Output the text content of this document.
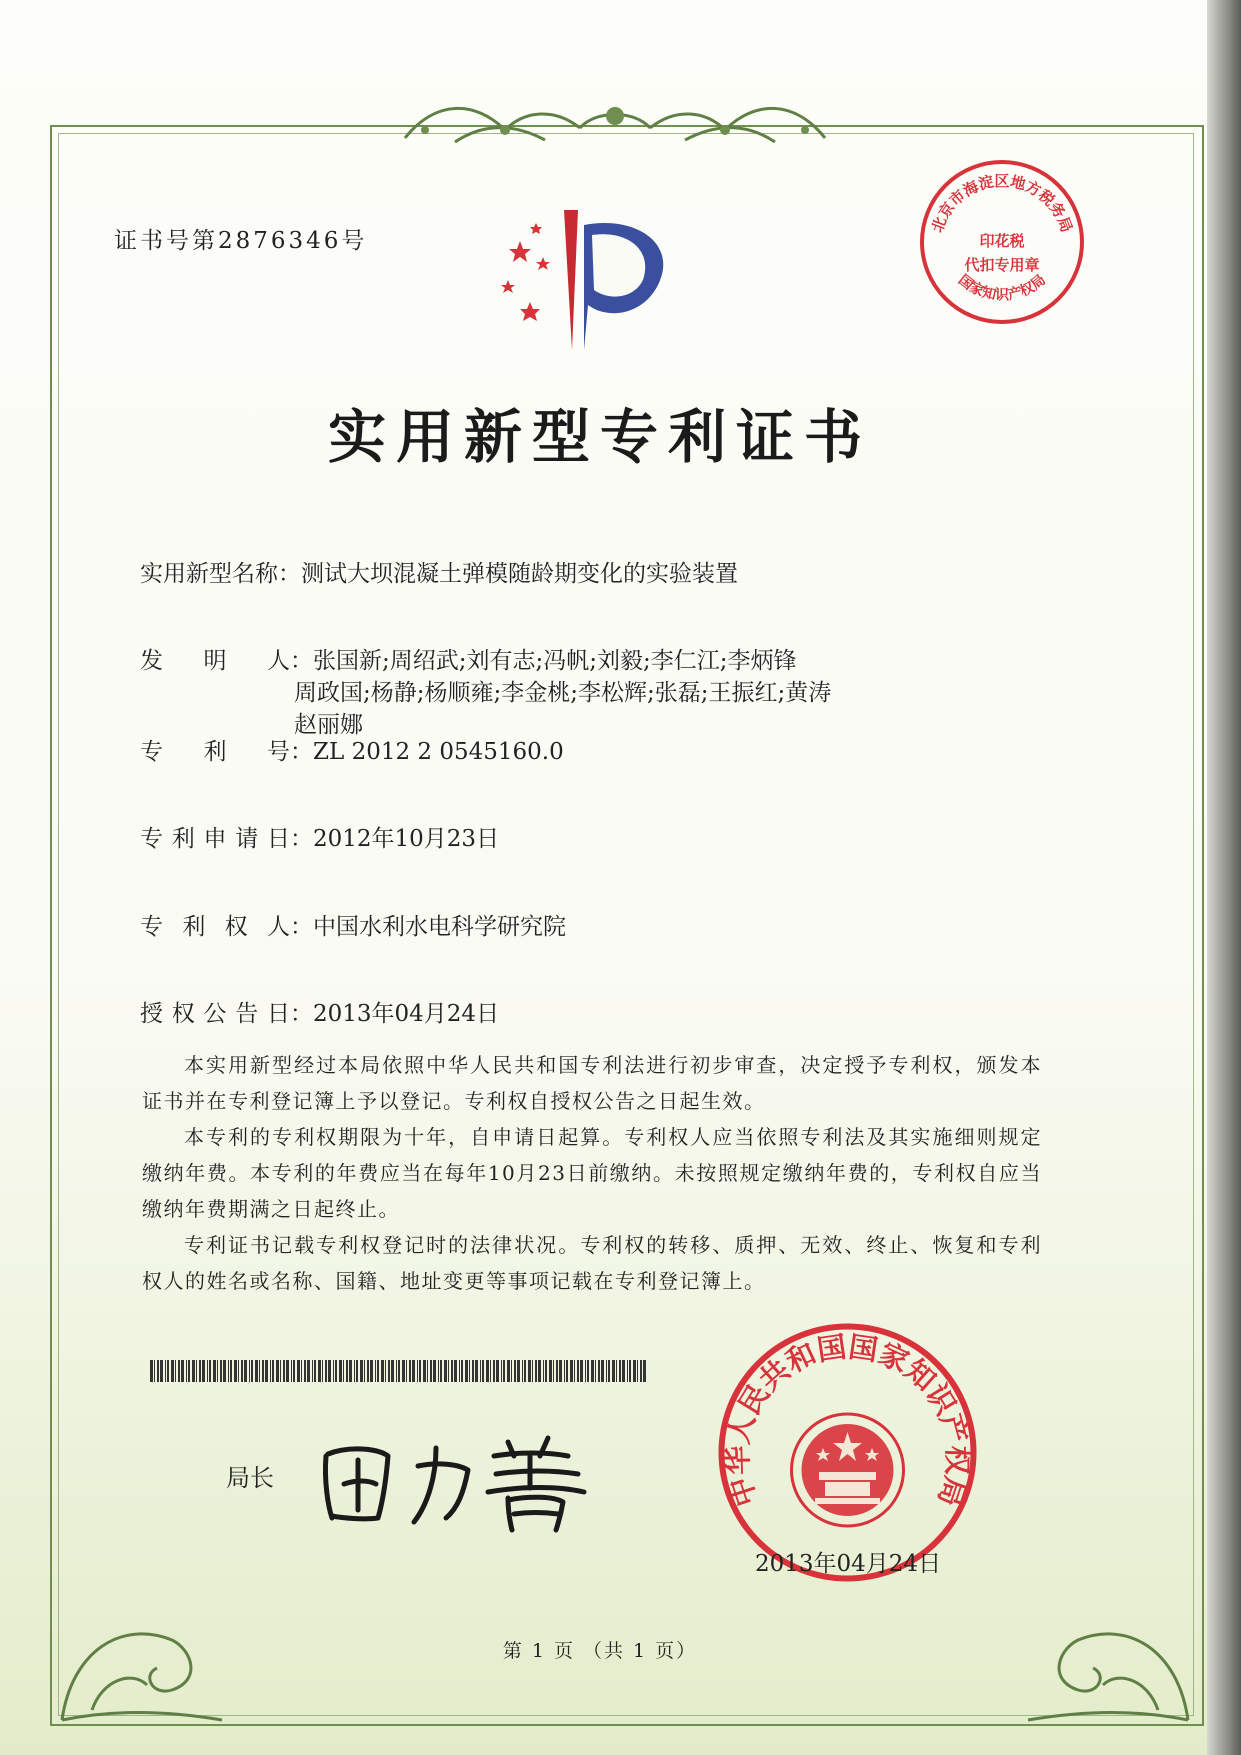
证书号第2876346号
北京市海淀区地方税务局
印花税
代扣专用章
国家知识产权局
实用新型专利证书
实用新型名称：测试大坝混凝土弹模随龄期变化的实验装置
发明人：张国新;周绍武;刘有志;冯帆;刘毅;李仁江;李炳锋
周政国;杨静;杨顺雍;李金桃;李松辉;张磊;王振红;黄涛
赵丽娜
专利号：ZL 2012 2 0545160.0
专利申请日：2012年10月23日
专利权人：中国水利水电科学研究院
授权公告日：2013年04月24日

本实用新型经过本局依照中华人民共和国专利法进行初步审查，决定授予专利权，颁发本证书并在专利登记簿上予以登记。专利权自授权公告之日起生效。

本专利的专利权期限为十年，自申请日起算。专利权人应当依照专利法及其实施细则规定缴纳年费。本专利的年费应当在每年10月23日前缴纳。未按照规定缴纳年费的，专利权自应当缴纳年费期满之日起终止。

专利证书记载专利权登记时的法律状况。专利权的转移、质押、无效、终止、恢复和专利权人的姓名或名称、国籍、地址变更等事项记载在专利登记簿上。

局长
田力普
中华人民共和国国家知识产权局
2013年04月24日
第 1 页 （共 1 页）
